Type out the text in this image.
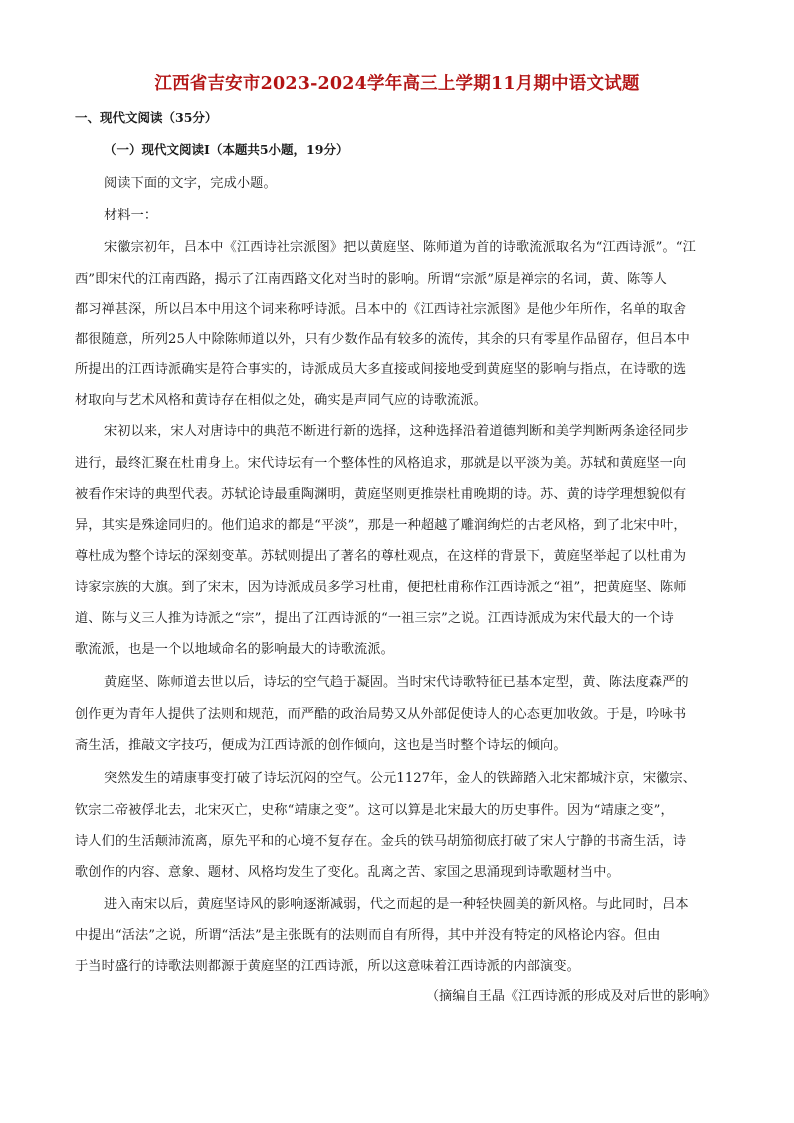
江西省吉安市2023-2024学年高三上学期11月期中语文试题
一、现代文阅读（35分）
（一）现代文阅读Ⅰ（本题共5小题，19分）
阅读下面的文字，完成小题。
材料一：
宋徽宗初年，吕本中《江西诗社宗派图》把以黄庭坚、陈师道为首的诗歌流派取名为“江西诗派”。“江
西”即宋代的江南西路，揭示了江南西路文化对当时的影响。所谓“宗派”原是禅宗的名词，黄、陈等人
都习禅甚深，所以吕本中用这个词来称呼诗派。吕本中的《江西诗社宗派图》是他少年所作，名单的取舍
都很随意，所列25人中除陈师道以外，只有少数作品有较多的流传，其余的只有零星作品留存，但吕本中
所提出的江西诗派确实是符合事实的，诗派成员大多直接或间接地受到黄庭坚的影响与指点，在诗歌的选
材取向与艺术风格和黄诗存在相似之处，确实是声同气应的诗歌流派。
宋初以来，宋人对唐诗中的典范不断进行新的选择，这种选择沿着道德判断和美学判断两条途径同步
进行，最终汇聚在杜甫身上。宋代诗坛有一个整体性的风格追求，那就是以平淡为美。苏轼和黄庭坚一向
被看作宋诗的典型代表。苏轼论诗最重陶渊明，黄庭坚则更推崇杜甫晚期的诗。苏、黄的诗学理想貌似有
异，其实是殊途同归的。他们追求的都是“平淡”，那是一种超越了雕润绚烂的古老风格，到了北宋中叶，
尊杜成为整个诗坛的深刻变革。苏轼则提出了著名的尊杜观点，在这样的背景下，黄庭坚举起了以杜甫为
诗家宗族的大旗。到了宋末，因为诗派成员多学习杜甫，便把杜甫称作江西诗派之“祖”，把黄庭坚、陈师
道、陈与义三人推为诗派之“宗”，提出了江西诗派的“一祖三宗”之说。江西诗派成为宋代最大的一个诗
歌流派，也是一个以地域命名的影响最大的诗歌流派。
黄庭坚、陈师道去世以后，诗坛的空气趋于凝固。当时宋代诗歌特征已基本定型，黄、陈法度森严的
创作更为青年人提供了法则和规范，而严酷的政治局势又从外部促使诗人的心态更加收敛。于是，吟咏书
斋生活，推敲文字技巧，便成为江西诗派的创作倾向，这也是当时整个诗坛的倾向。
突然发生的靖康事变打破了诗坛沉闷的空气。公元1127年，金人的铁蹄踏入北宋都城汴京，宋徽宗、
钦宗二帝被俘北去，北宋灭亡，史称“靖康之变”。这可以算是北宋最大的历史事件。因为“靖康之变”，
诗人们的生活颠沛流离，原先平和的心境不复存在。金兵的铁马胡笳彻底打破了宋人宁静的书斋生活，诗
歌创作的内容、意象、题材、风格均发生了变化。乱离之苦、家国之思涌现到诗歌题材当中。
进入南宋以后，黄庭坚诗风的影响逐渐减弱，代之而起的是一种轻快圆美的新风格。与此同时，吕本
中提出“活法”之说，所谓“活法”是主张既有的法则而自有所得，其中并没有特定的风格论内容。但由
于当时盛行的诗歌法则都源于黄庭坚的江西诗派，所以这意味着江西诗派的内部演变。
（摘编自王晶《江西诗派的形成及对后世的影响》
